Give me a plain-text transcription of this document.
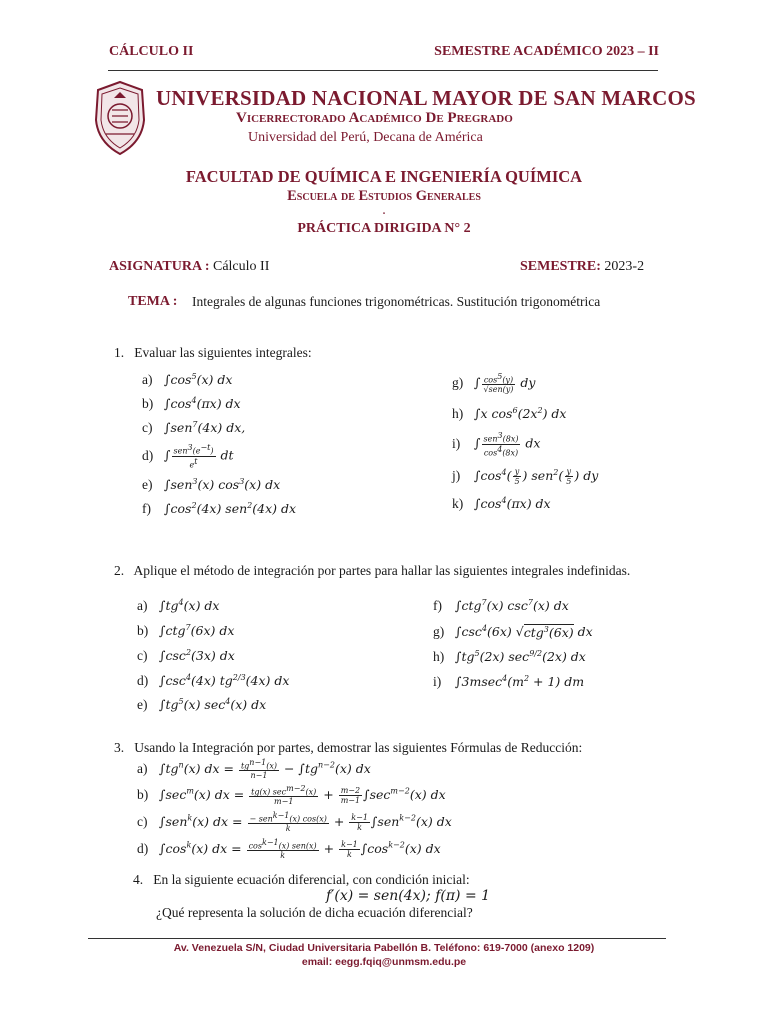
CÁLCULO II	SEMESTRE ACADÉMICO 2023 – II
UNIVERSIDAD NACIONAL MAYOR DE SAN MARCOS
Vicerrectorado Académico De Pregrado
Universidad del Perú, Decana de América
FACULTAD DE QUÍMICA E INGENIERÍA QUÍMICA
Escuela de Estudios Generales
.
PRÁCTICA DIRIGIDA N° 2
ASIGNATURA : Cálculo II	SEMESTRE: 2023-2
TEMA : Integrales de algunas funciones trigonométricas. Sustitución trigonométrica
1. Evaluar las siguientes integrales:
a) $\int\cos^5(x)$ dx
b) $\int\cos^4(\pi x)$ dx
c) ∫sen$^7$(4x) dx,
d) ∫ $\frac{sen^3(e^{-t})}{e^t}$ dt
e) ∫sen$^3$(x) $\cos^3(x)$ dx
f)	$\int\cos^2(4x)$ sen$^2$(4x) dx
g) ∫ $\frac{\cos^5(y)}{\text{√sen(y)}}$ dy
h) ∫x $\cos^6(2x^2)$ dx
i)	∫ $\frac{sen^3(8x)}{\cos^4(8x)}$ dx
j)	$\int\cos^4( \frac{y}{5}$ ) $sen^2( \frac{y}{5}$ ) dy
k) $\int\cos^4(\pi x)$ dx
2. Aplique el método de integración por partes para hallar las siguientes integrales indefinidas.
a) $\int tg^4(x)$ dx
b) ∫ctg$^7$(6x) dx
c) $\int\csc^2(3x)$ dx
d) $\int\csc^4(4x)$ $tg^{2/3}(4x)$ dx
e) $\int tg^5(x)$ $\sec^4(x)$ dx
f)	∫ctg$^7$(x) $\csc^7(x)$ dx
g) $\int\csc^4(6x)$ √ctg$^3$(6x) dx
h) $\int tg^5(2x)$ $\sec^{9/2}(2x)$ dx
i)	$\int 3msec^4(m^2 + 1)$ dm
3. Usando la Integración por partes, demostrar las siguientes Fórmulas de Reducción:
a) $\int tg^n(x)$ dx = $\frac{tg^{n-1}(x)}{n-1} - \int tg^{n-2}(x)$ dx
b) $\int\sec^m(x)$ dx = $\frac{tg(x) \sec^{m-2}(x)}{m-1} + \frac{m-2}{m-1} \int\sec^{m-2}(x)$ dx
c) ∫sen$^k$(x) dx = $\frac{- sen^{k-1}(x) \cos(x)}{k} + \frac{k-1}{k} \int sen^{k-2}(x)$ dx
d) $\int\cos^k(x)$ dx = $\frac{\cos^{k-1}(x) sen(x)}{k} + \frac{k-1}{k} \int\cos^{k-2}(x)$ dx
4. En la siguiente ecuación diferencial, con condición inicial:
f′(x) = sen(4x); f(π) = 1
¿Qué representa la solución de dicha ecuación diferencial?
Av. Venezuela S/N, Ciudad Universitaria Pabellón B. Teléfono: 619-7000 (anexo 1209)
email: eegg.fqiq@unmsm.edu.pe
